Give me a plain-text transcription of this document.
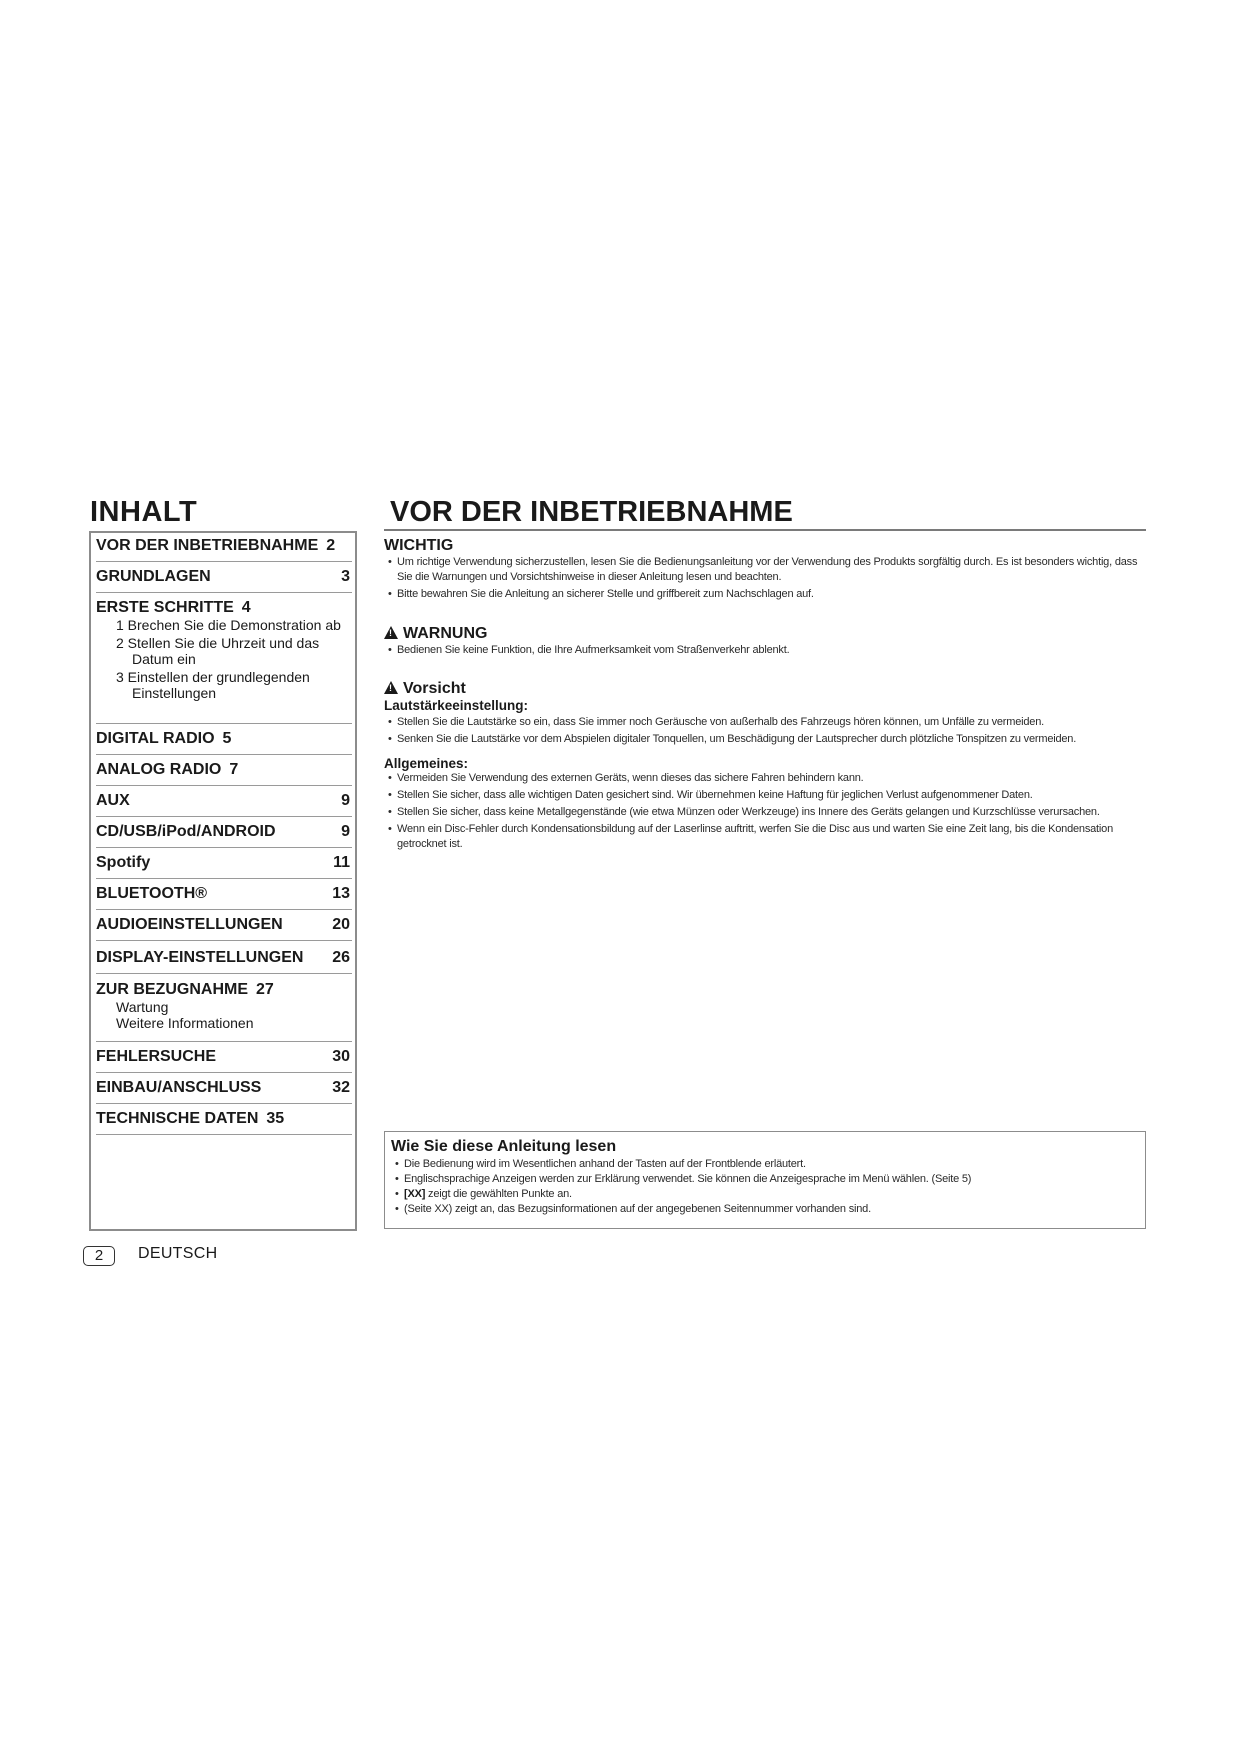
INHALT
VOR DER INBETRIEBNAHME 2
GRUNDLAGEN	3
ERSTE SCHRITTE 4
1 Brechen Sie die Demonstration ab
2 Stellen Sie die Uhrzeit und das Datum ein
3 Einstellen der grundlegenden Einstellungen
DIGITAL RADIO 5
ANALOG RADIO 7
AUX	9
CD/USB/iPod/ANDROID	9
Spotify	11
BLUETOOTH®	13
AUDIOEINSTELLUNGEN	20
DISPLAY-EINSTELLUNGEN 26
ZUR BEZUGNAHME 27
Wartung
Weitere Informationen
FEHLERSUCHE	30
EINBAU/ANSCHLUSS	32
TECHNISCHE DATEN 35
2	DEUTSCH
VOR DER INBETRIEBNAHME
WICHTIG
• Um richtige Verwendung sicherzustellen, lesen Sie die Bedienungsanleitung vor der Verwendung des Produkts sorgfältig durch. Es ist besonders wichtig, dass Sie die Warnungen und Vorsichtshinweise in dieser Anleitung lesen und beachten.
• Bitte bewahren Sie die Anleitung an sicherer Stelle und griffbereit zum Nachschlagen auf.
!WARNUNG
• Bedienen Sie keine Funktion, die Ihre Aufmerksamkeit vom Straßenverkehr ablenkt.
!Vorsicht
Lautstärkeeinstellung:
• Stellen Sie die Lautstärke so ein, dass Sie immer noch Geräusche von außerhalb des Fahrzeugs hören können, um Unfälle zu vermeiden.
• Senken Sie die Lautstärke vor dem Abspielen digitaler Tonquellen, um Beschädigung der Lautsprecher durch plötzliche Tonspitzen zu vermeiden.
Allgemeines:
• Vermeiden Sie Verwendung des externen Geräts, wenn dieses das sichere Fahren behindern kann.
• Stellen Sie sicher, dass alle wichtigen Daten gesichert sind. Wir übernehmen keine Haftung für jeglichen Verlust aufgenommener Daten.
• Stellen Sie sicher, dass keine Metallgegenstände (wie etwa Münzen oder Werkzeuge) ins Innere des Geräts gelangen und Kurzschlüsse verursachen.
• Wenn ein Disc-Fehler durch Kondensationsbildung auf der Laserlinse auftritt, werfen Sie die Disc aus und warten Sie eine Zeit lang, bis die Kondensation getrocknet ist.
Wie Sie diese Anleitung lesen
• Die Bedienung wird im Wesentlichen anhand der Tasten auf der Frontblende erläutert.
• Englischsprachige Anzeigen werden zur Erklärung verwendet. Sie können die Anzeigesprache im Menü wählen. (Seite 5)
• [XX] zeigt die gewählten Punkte an.
• (Seite XX) zeigt an, das Bezugsinformationen auf der angegebenen Seitennummer vorhanden sind.
